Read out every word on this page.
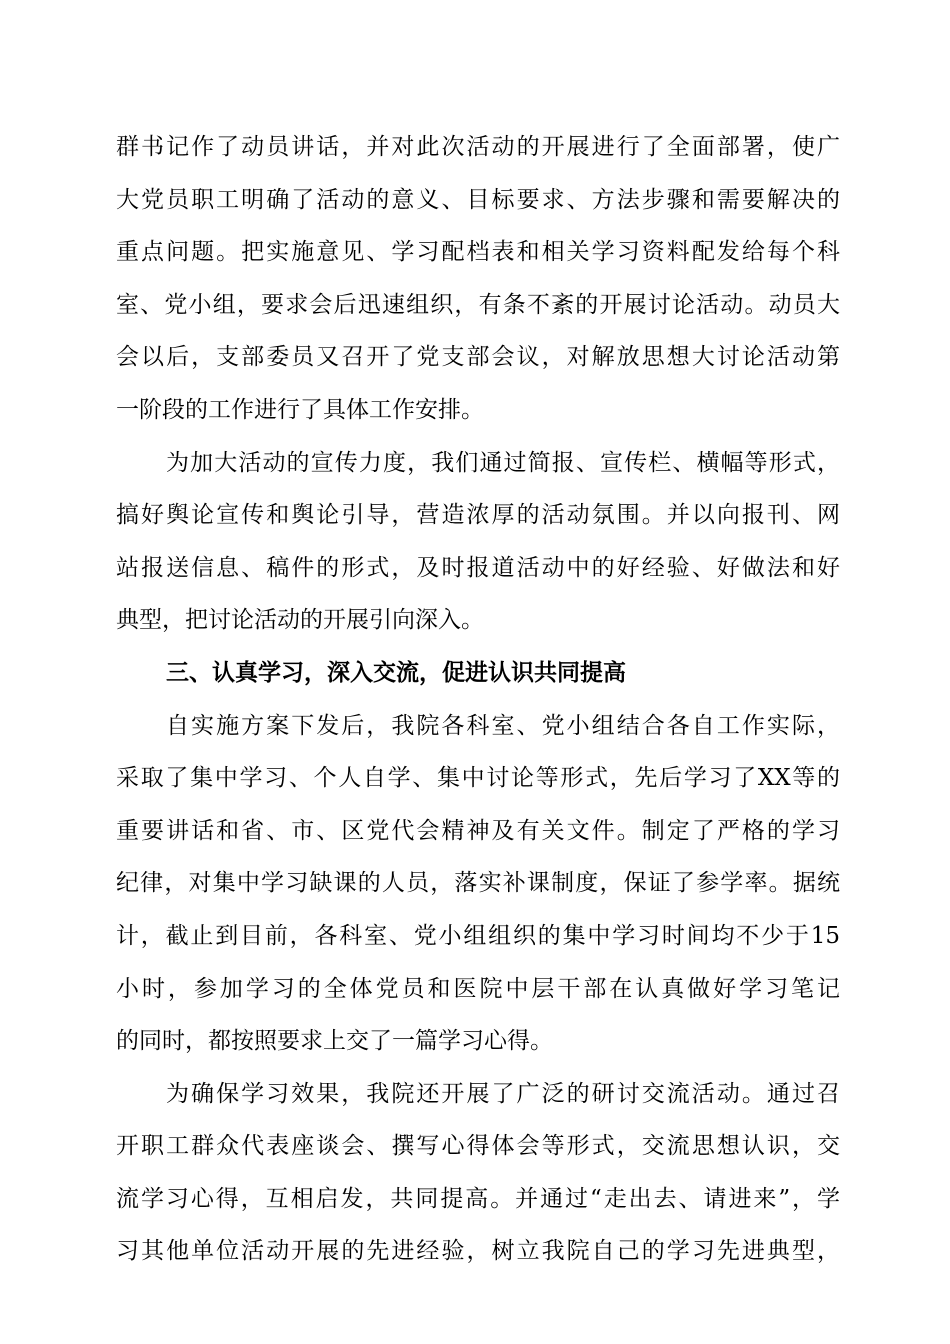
群书记作了动员讲话，并对此次活动的开展进行了全面部署，使广
大党员职工明确了活动的意义、目标要求、方法步骤和需要解决的
重点问题。把实施意见、学习配档表和相关学习资料配发给每个科
室、党小组，要求会后迅速组织，有条不紊的开展讨论活动。动员大
会以后，支部委员又召开了党支部会议，对解放思想大讨论活动第
一阶段的工作进行了具体工作安排。
为加大活动的宣传力度，我们通过简报、宣传栏、横幅等形式，
搞好舆论宣传和舆论引导，营造浓厚的活动氛围。并以向报刊、网
站报送信息、稿件的形式，及时报道活动中的好经验、好做法和好
典型，把讨论活动的开展引向深入。
三、认真学习，深入交流，促进认识共同提高
自实施方案下发后，我院各科室、党小组结合各自工作实际，
采取了集中学习、个人自学、集中讨论等形式，先后学习了XX等的
重要讲话和省、市、区党代会精神及有关文件。制定了严格的学习
纪律，对集中学习缺课的人员，落实补课制度，保证了参学率。据统
计，截止到目前，各科室、党小组组织的集中学习时间均不少于15
小时，参加学习的全体党员和医院中层干部在认真做好学习笔记
的同时，都按照要求上交了一篇学习心得。
为确保学习效果，我院还开展了广泛的研讨交流活动。通过召
开职工群众代表座谈会、撰写心得体会等形式，交流思想认识，交
流学习心得，互相启发，共同提高。并通过“走出去、请进来”，学
习其他单位活动开展的先进经验，树立我院自己的学习先进典型，
